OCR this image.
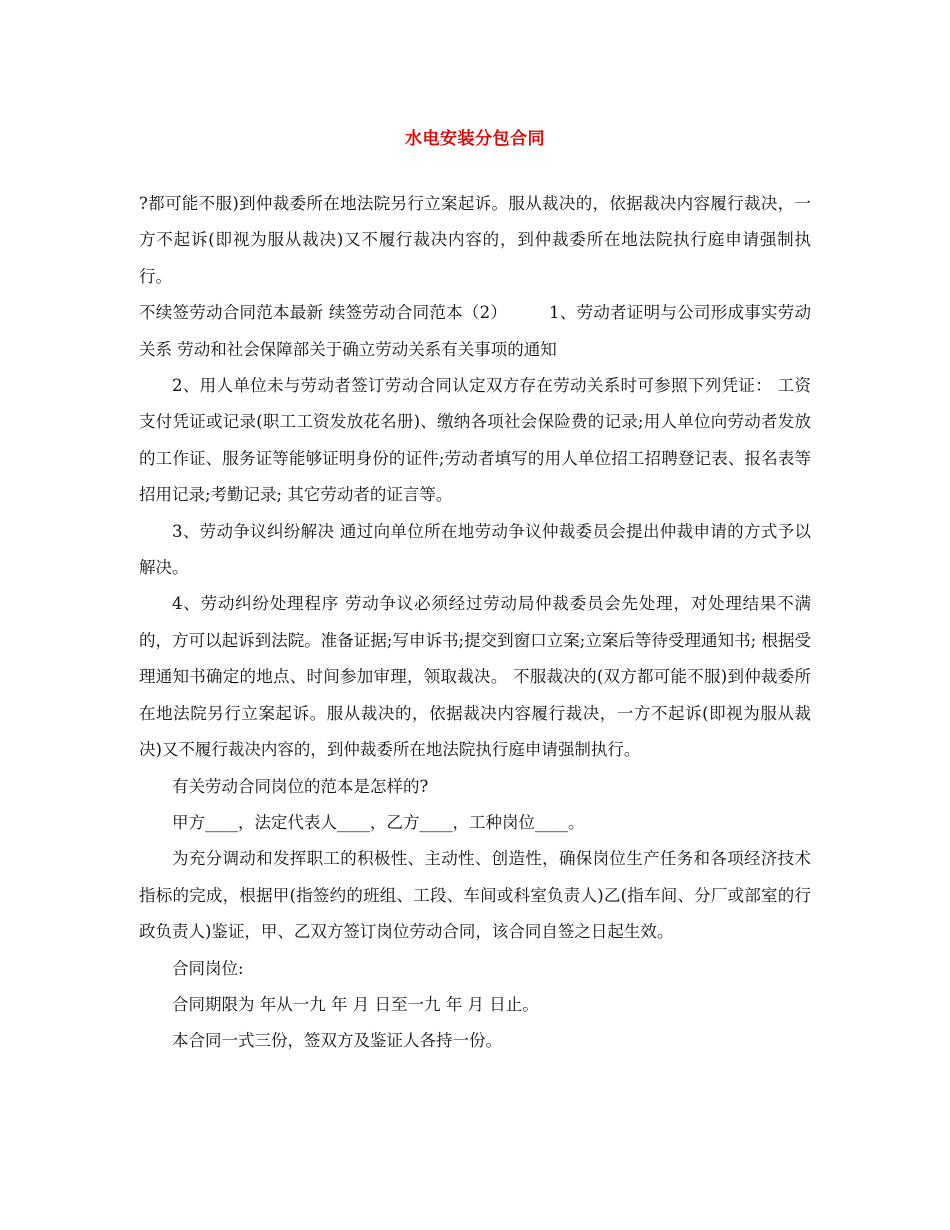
水电安装分包合同

?都可能不服)到仲裁委所在地法院另行立案起诉。服从裁决的，依据裁决内容履行裁决，一方不起诉(即视为服从裁决)又不履行裁决内容的，到仲裁委所在地法院执行庭申请强制执行。

不续签劳动合同范本最新 续签劳动合同范本（2）　　　1、劳动者证明与公司形成事实劳动关系 劳动和社会保障部关于确立劳动关系有关事项的通知

2、用人单位未与劳动者签订劳动合同认定双方存在劳动关系时可参照下列凭证： 工资支付凭证或记录(职工工资发放花名册)、缴纳各项社会保险费的记录;用人单位向劳动者发放的工作证、服务证等能够证明身份的证件;劳动者填写的用人单位招工招聘登记表、报名表等招用记录;考勤记录; 其它劳动者的证言等。

3、劳动争议纠纷解决 通过向单位所在地劳动争议仲裁委员会提出仲裁申请的方式予以解决。

4、劳动纠纷处理程序 劳动争议必须经过劳动局仲裁委员会先处理，对处理结果不满的，方可以起诉到法院。准备证据;写申诉书;提交到窗口立案;立案后等待受理通知书; 根据受理通知书确定的地点、时间参加审理，领取裁决。 不服裁决的(双方都可能不服)到仲裁委所在地法院另行立案起诉。服从裁决的，依据裁决内容履行裁决，一方不起诉(即视为服从裁决)又不履行裁决内容的，到仲裁委所在地法院执行庭申请强制执行。

有关劳动合同岗位的范本是怎样的?

甲方____，法定代表人____，乙方____，工种岗位____。

为充分调动和发挥职工的积极性、主动性、创造性，确保岗位生产任务和各项经济技术指标的完成，根据甲(指签约的班组、工段、车间或科室负责人)乙(指车间、分厂或部室的行政负责人)鉴证，甲、乙双方签订岗位劳动合同，该合同自签之日起生效。

合同岗位:

合同期限为 年从一九 年 月 日至一九 年 月 日止。

本合同一式三份，签双方及鉴证人各持一份。
